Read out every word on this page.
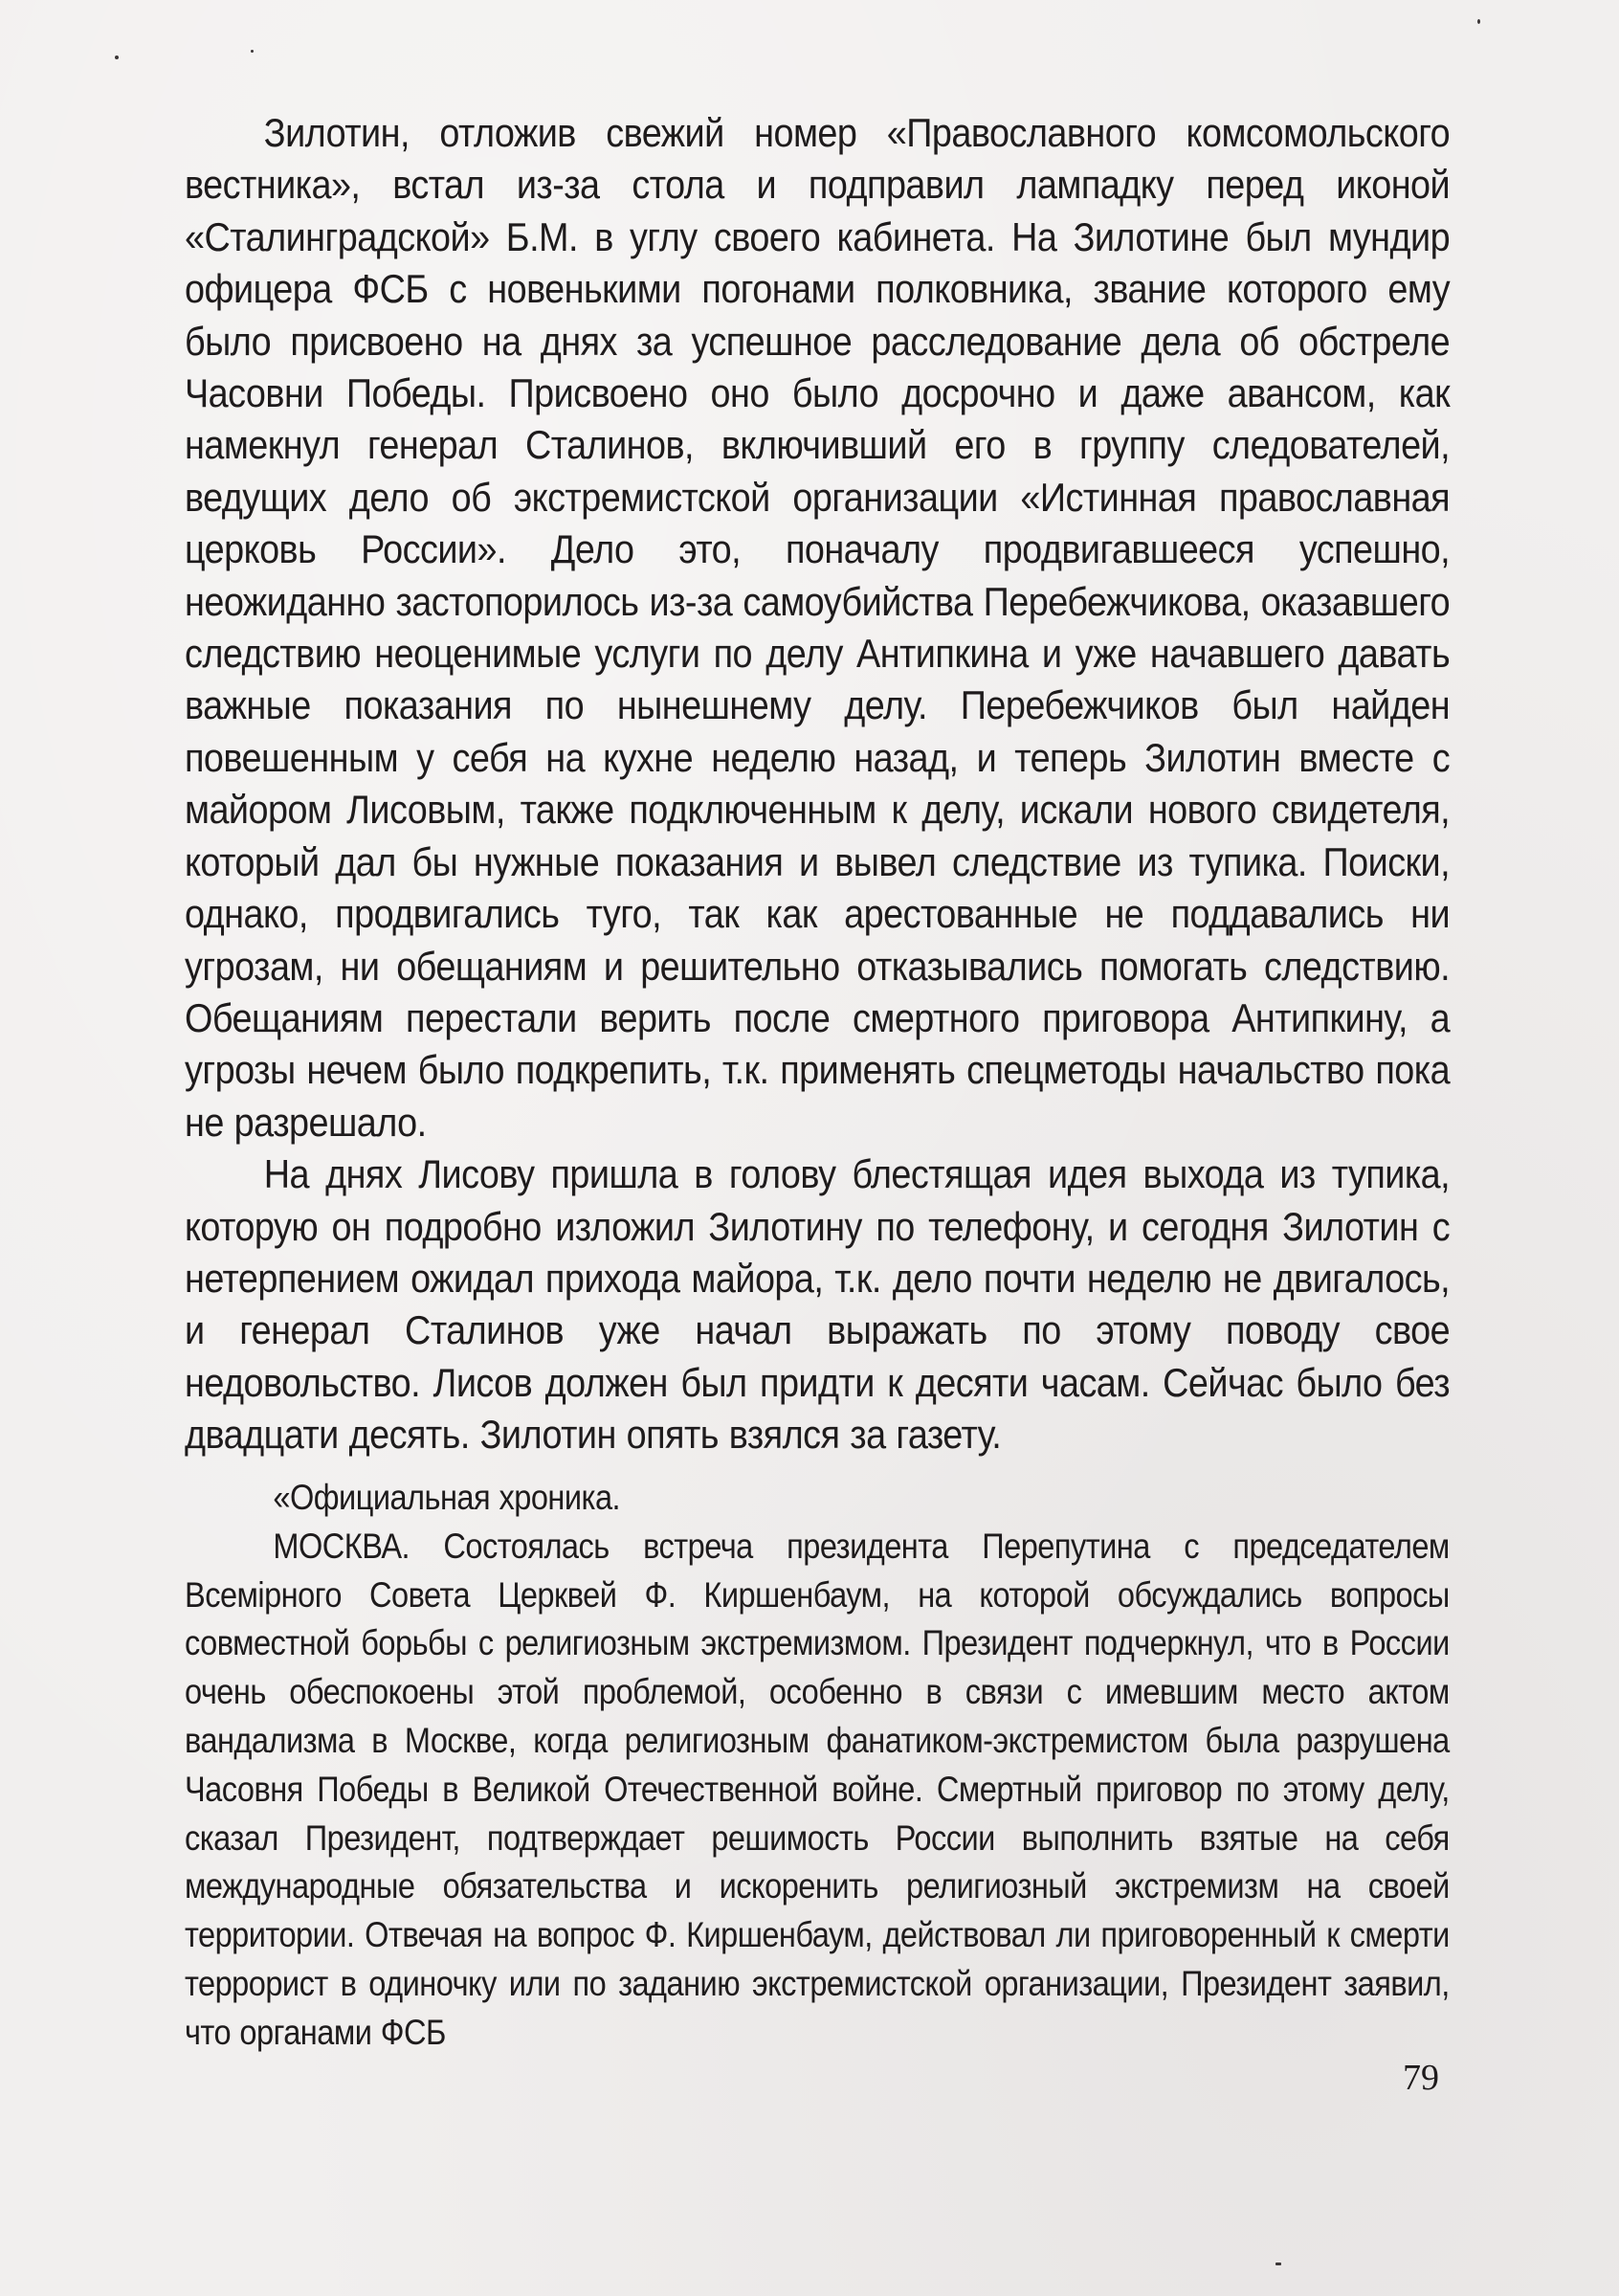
Зилотин, отложив свежий номер «Православного комсомольского вестника», встал из-за стола и подправил лампадку перед иконой «Сталинградской» Б.М. в углу своего кабинета. На Зилотине был мундир офицера ФСБ с новенькими погонами полковника, звание которого ему было присвоено на днях за успешное расследование дела об обстреле Часовни Победы. Присвоено оно было досрочно и даже авансом, как намекнул генерал Сталинов, включивший его в группу следователей, ведущих дело об экстремистской организации «Истинная православная церковь России». Дело это, поначалу продвигавшееся успешно, неожиданно застопорилось из-за самоубийства Перебежчикова, оказавшего следствию неоценимые услуги по делу Антипкина и уже начавшего давать важные показания по нынешнему делу. Перебежчиков был найден повешенным у себя на кухне неделю назад, и теперь Зилотин вместе с майором Лисовым, также подключенным к делу, искали нового свидетеля, который дал бы нужные показания и вывел следствие из тупика. Поиски, однако, продвигались туго, так как арестованные не поддавались ни угрозам, ни обещаниям и решительно отказывались помогать следствию. Обещаниям перестали верить после смертного приговора Антипкину, а угрозы нечем было подкрепить, т.к. применять спецметоды начальство пока не разрешало.

На днях Лисову пришла в голову блестящая идея выхода из тупика, которую он подробно изложил Зилотину по телефону, и сегодня Зилотин с нетерпением ожидал прихода майора, т.к. дело почти неделю не двигалось, и генерал Сталинов уже начал выражать по этому поводу свое недовольство. Лисов должен был придти к десяти часам. Сейчас было без двадцати десять. Зилотин опять взялся за газету.

«Официальная хроника.

МОСКВА. Состоялась встреча президента Перепутина с председателем Всемірного Совета Церквей Ф. Киршенбаум, на которой обсуждались вопросы совместной борьбы с религиозным экстремизмом. Президент подчеркнул, что в России очень обеспокоены этой проблемой, особенно в связи с имевшим место актом вандализма в Москве, когда религиозным фанатиком-экстремистом была разрушена Часовня Победы в Великой Отечественной войне. Смертный приговор по этому делу, сказал Президент, подтверждает решимость России выполнить взятые на себя международные обязательства и искоренить религиозный экстремизм на своей территории. Отвечая на вопрос Ф. Киршенбаум, действовал ли приговоренный к смерти террорист в одиночку или по заданию экстремистской организации, Президент заявил, что органами ФСБ

79
